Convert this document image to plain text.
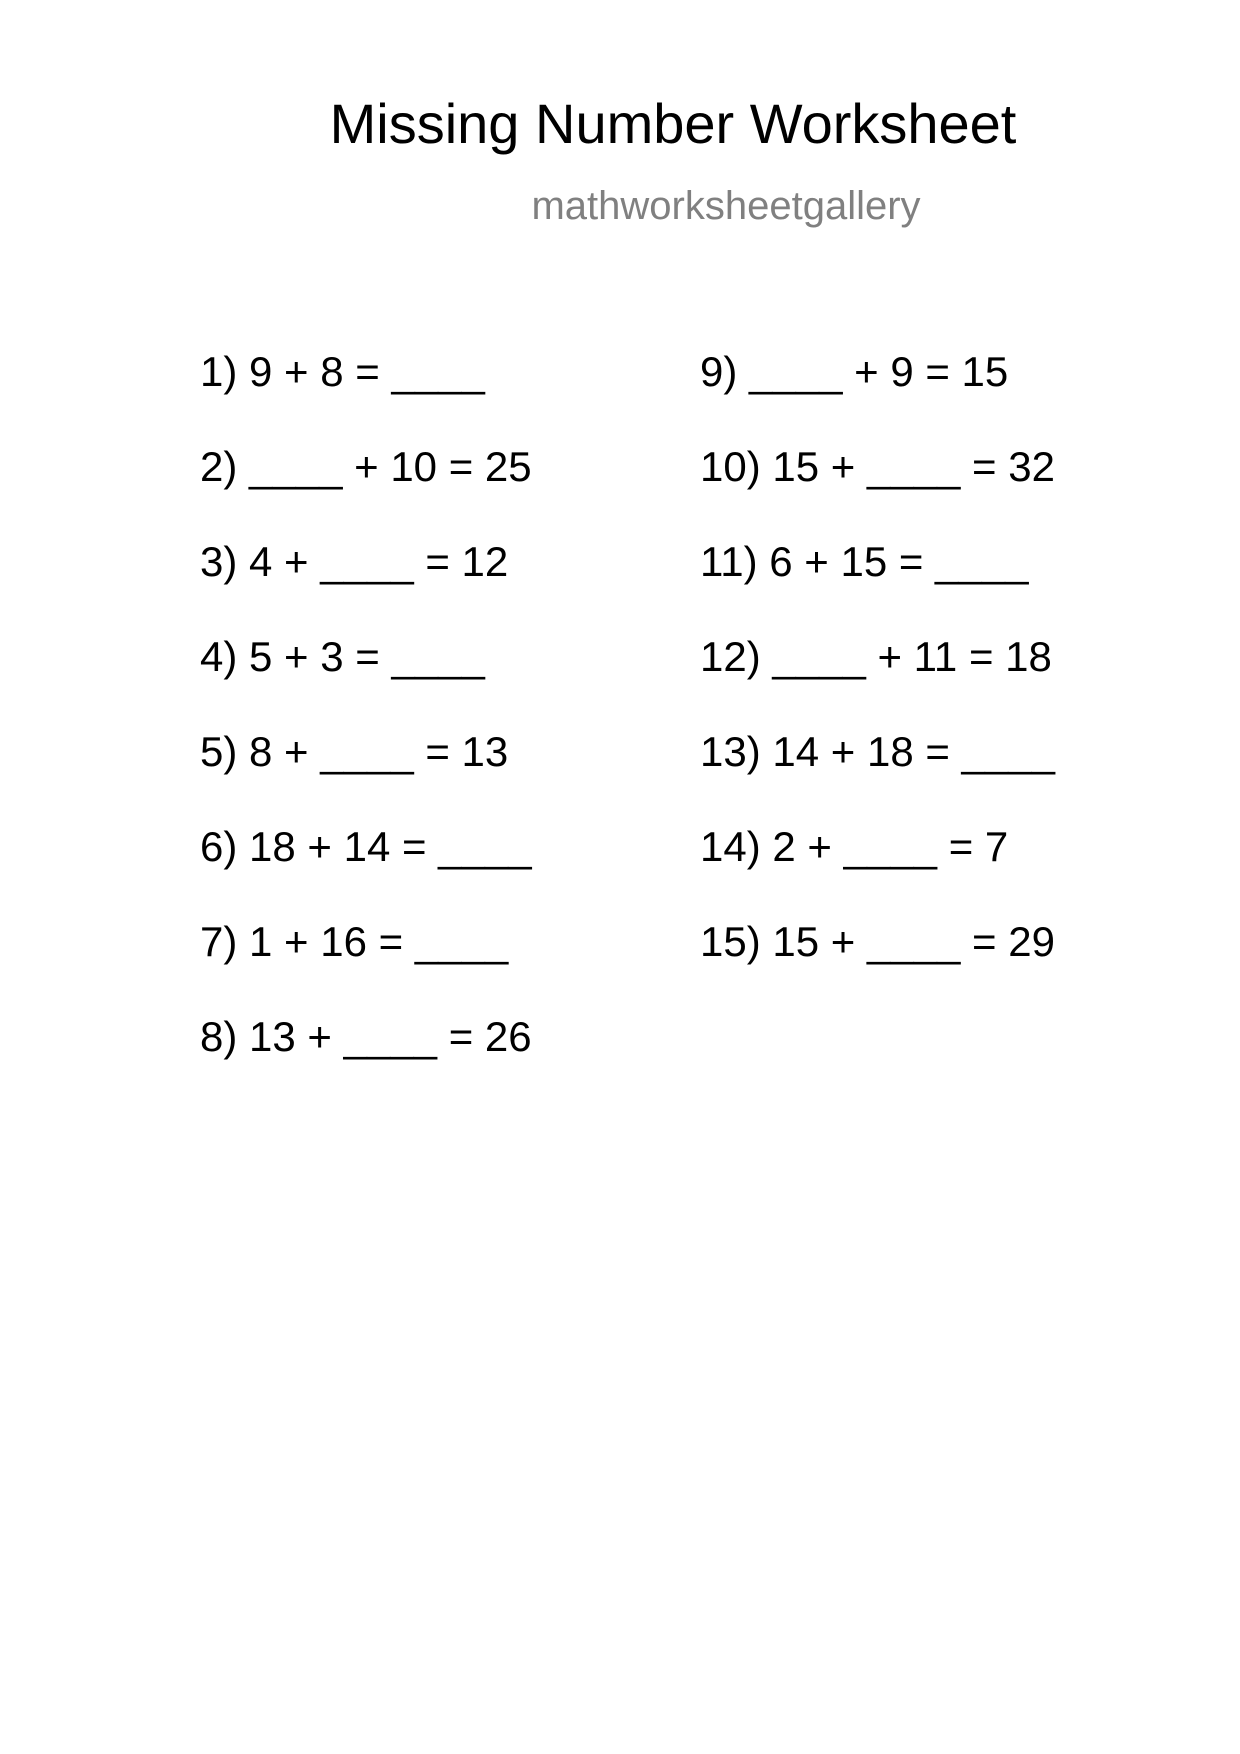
Missing Number Worksheet
mathworksheetgallery
1) 9 + 8 = ____
2) ____ + 10 = 25
3) 4 + ____ = 12
4) 5 + 3 = ____
5) 8 + ____ = 13
6) 18 + 14 = ____
7) 1 + 16 = ____
8) 13 + ____ = 26
9) ____ + 9 = 15
10) 15 + ____ = 32
11) 6 + 15 = ____
12) ____ + 11 = 18
13) 14 + 18 = ____
14) 2 + ____ = 7
15) 15 + ____ = 29
